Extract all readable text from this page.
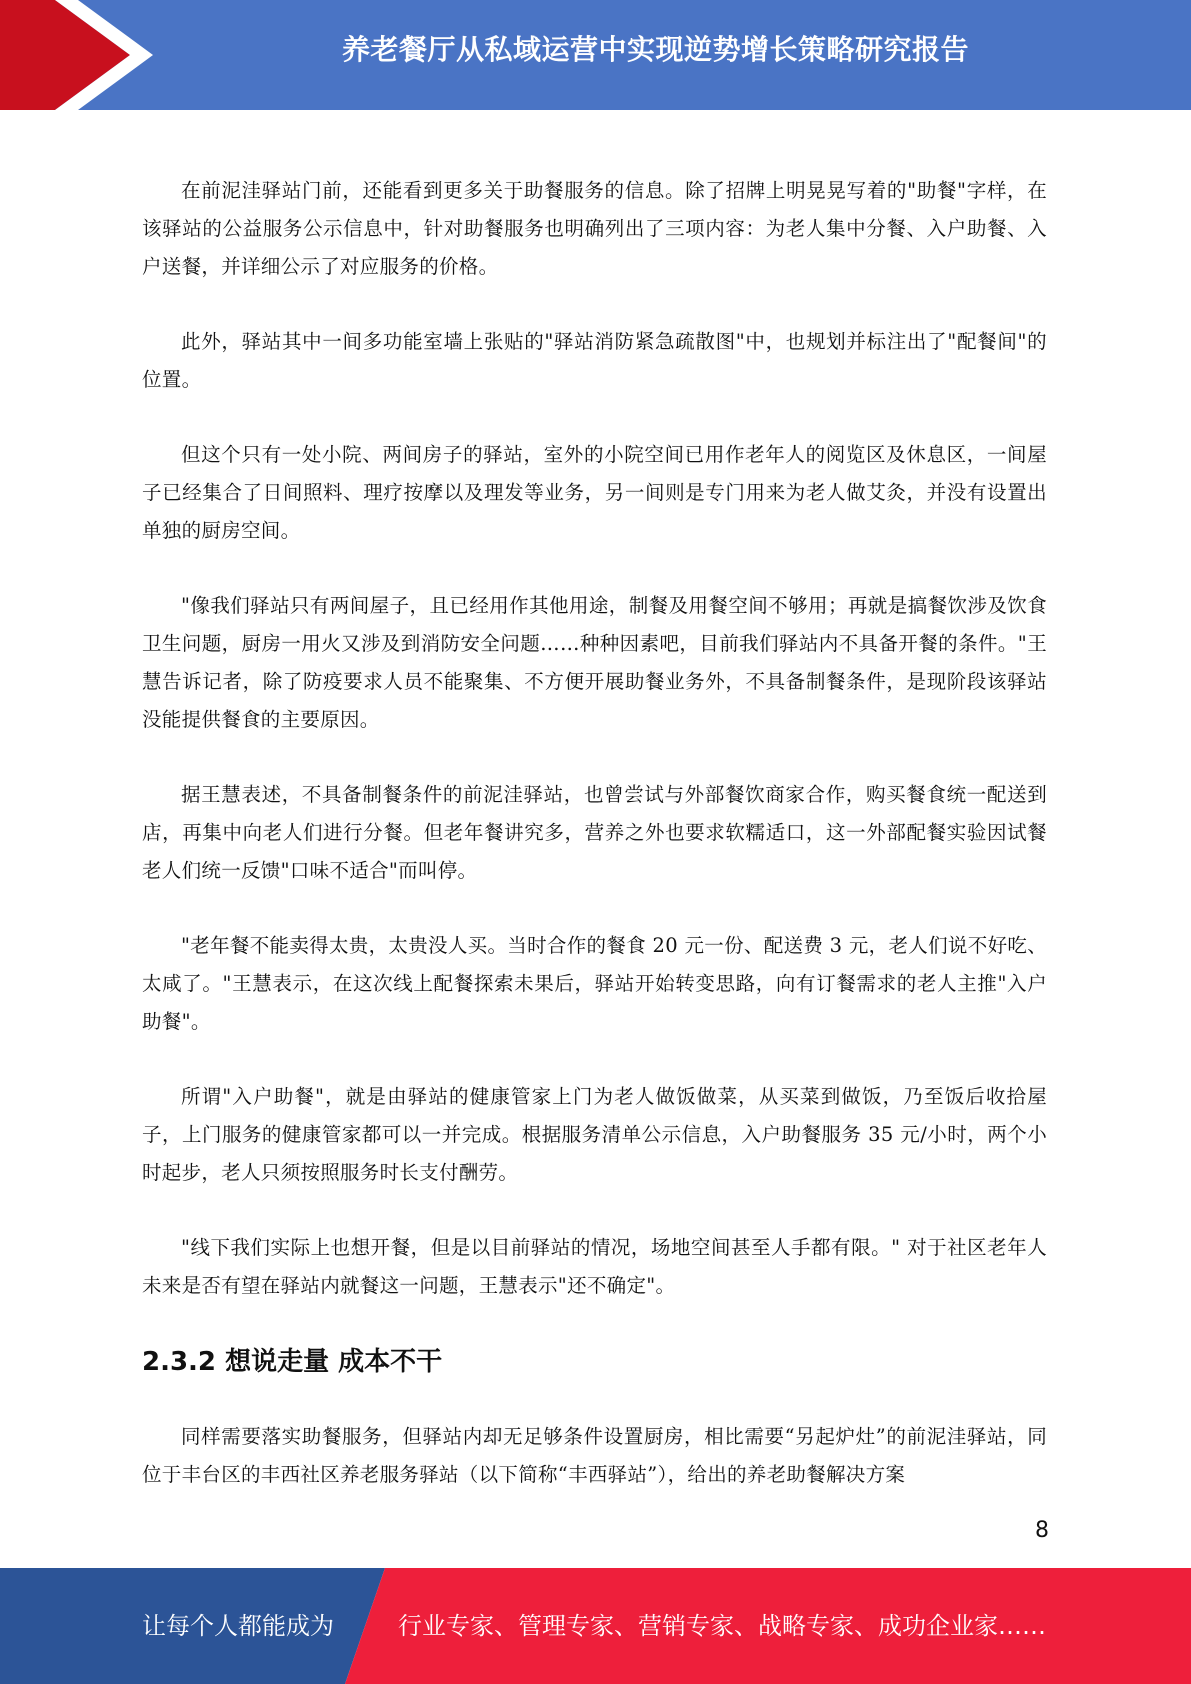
养老餐厅从私域运营中实现逆势增长策略研究报告

在前泥洼驿站门前，还能看到更多关于助餐服务的信息。除了招牌上明晃晃写着的"助餐"字样，在该驿站的公益服务公示信息中，针对助餐服务也明确列出了三项内容：为老人集中分餐、入户助餐、入户送餐，并详细公示了对应服务的价格。

此外，驿站其中一间多功能室墙上张贴的"驿站消防紧急疏散图"中，也规划并标注出了"配餐间"的位置。

但这个只有一处小院、两间房子的驿站，室外的小院空间已用作老年人的阅览区及休息区，一间屋子已经集合了日间照料、理疗按摩以及理发等业务，另一间则是专门用来为老人做艾灸，并没有设置出单独的厨房空间。

"像我们驿站只有两间屋子，且已经用作其他用途，制餐及用餐空间不够用；再就是搞餐饮涉及饮食卫生问题，厨房一用火又涉及到消防安全问题……种种因素吧，目前我们驿站内不具备开餐的条件。"王慧告诉记者，除了防疫要求人员不能聚集、不方便开展助餐业务外，不具备制餐条件，是现阶段该驿站没能提供餐食的主要原因。

据王慧表述，不具备制餐条件的前泥洼驿站，也曾尝试与外部餐饮商家合作，购买餐食统一配送到店，再集中向老人们进行分餐。但老年餐讲究多，营养之外也要求软糯适口，这一外部配餐实验因试餐老人们统一反馈"口味不适合"而叫停。

"老年餐不能卖得太贵，太贵没人买。当时合作的餐食 20 元一份、配送费 3 元，老人们说不好吃、太咸了。"王慧表示，在这次线上配餐探索未果后，驿站开始转变思路，向有订餐需求的老人主推"入户助餐"。

所谓"入户助餐"，就是由驿站的健康管家上门为老人做饭做菜，从买菜到做饭，乃至饭后收拾屋子，上门服务的健康管家都可以一并完成。根据服务清单公示信息，入户助餐服务 35 元/小时，两个小时起步，老人只须按照服务时长支付酬劳。

"线下我们实际上也想开餐，但是以目前驿站的情况，场地空间甚至人手都有限。" 对于社区老年人未来是否有望在驿站内就餐这一问题，王慧表示"还不确定"。

2.3.2 想说走量 成本不干

同样需要落实助餐服务，但驿站内却无足够条件设置厨房，相比需要“另起炉灶”的前泥洼驿站，同位于丰台区的丰西社区养老服务驿站（以下简称“丰西驿站”），给出的养老助餐解决方案

8
让每个人都能成为	行业专家、管理专家、营销专家、战略专家、成功企业家……
